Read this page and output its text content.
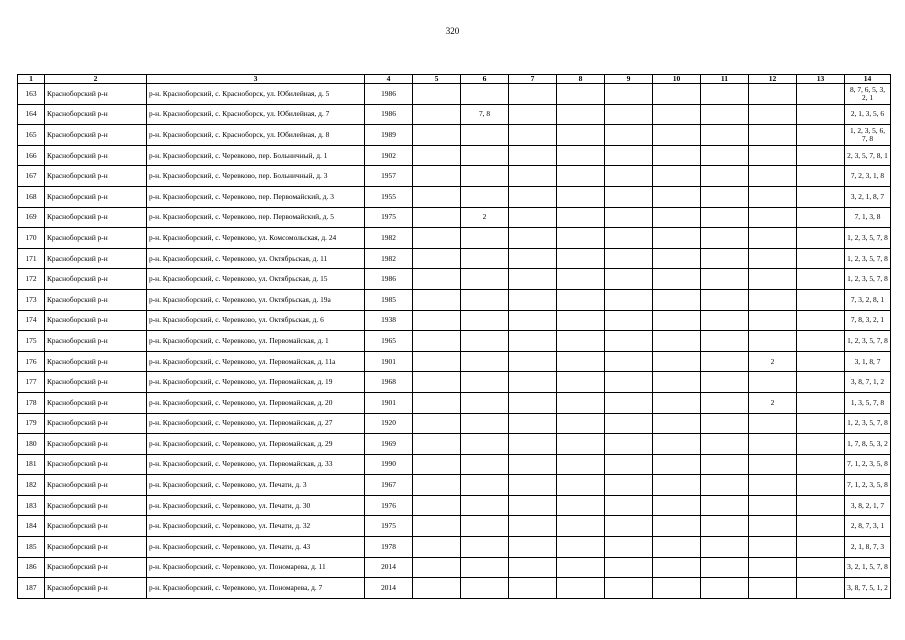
320
1	2	3	4	5	6	7	8	9	10	11	12	13	14
163	Красноборский р-н	р-н. Красноборский, с. Красноборск, ул. Юбилейная, д. 5	1986										8, 7, 6, 5, 3, 2, 1
164	Красноборский р-н	р-н. Красноборский, с. Красноборск, ул. Юбилейная, д. 7	1986		7, 8								2, 1, 3, 5, 6
165	Красноборский р-н	р-н. Красноборский, с. Красноборск, ул. Юбилейная, д. 8	1989										1, 2, 3, 5, 6, 7, 8
166	Красноборский р-н	р-н. Красноборский, с. Черевково, пер. Больничный, д. 1	1902										2, 3, 5, 7, 8, 1
167	Красноборский р-н	р-н. Красноборский, с. Черевково, пер. Больничный, д. 3	1957										7, 2, 3, 1, 8
168	Красноборский р-н	р-н. Красноборский, с. Черевково, пер. Первомайский, д. 3	1955										3, 2, 1, 8, 7
169	Красноборский р-н	р-н. Красноборский, с. Черевково, пер. Первомайский, д. 5	1975		2								7, 1, 3, 8
170	Красноборский р-н	р-н. Красноборский, с. Черевково, ул. Комсомольская, д. 24	1982										1, 2, 3, 5, 7, 8
171	Красноборский р-н	р-н. Красноборский, с. Черевково, ул. Октябрьская, д. 11	1982										1, 2, 3, 5, 7, 8
172	Красноборский р-н	р-н. Красноборский, с. Черевково, ул. Октябрьская, д. 15	1986										1, 2, 3, 5, 7, 8
173	Красноборский р-н	р-н. Красноборский, с. Черевково, ул. Октябрьская, д. 19а	1985										7, 3, 2, 8, 1
174	Красноборский р-н	р-н. Красноборский, с. Черевково, ул. Октябрьская, д. 6	1938										7, 8, 3, 2, 1
175	Красноборский р-н	р-н. Красноборский, с. Черевково, ул. Первомайская, д. 1	1965										1, 2, 3, 5, 7, 8
176	Красноборский р-н	р-н. Красноборский, с. Черевково, ул. Первомайская, д. 11а	1901								2		3, 1, 8, 7
177	Красноборский р-н	р-н. Красноборский, с. Черевково, ул. Первомайская, д. 19	1968										3, 8, 7, 1, 2
178	Красноборский р-н	р-н. Красноборский, с. Черевково, ул. Первомайская, д. 20	1901								2		1, 3, 5, 7, 8
179	Красноборский р-н	р-н. Красноборский, с. Черевково, ул. Первомайская, д. 27	1920										1, 2, 3, 5, 7, 8
180	Красноборский р-н	р-н. Красноборский, с. Черевково, ул. Первомайская, д. 29	1969										1, 7, 8, 5, 3, 2
181	Красноборский р-н	р-н. Красноборский, с. Черевково, ул. Первомайская, д. 33	1990										7, 1, 2, 3, 5, 8
182	Красноборский р-н	р-н. Красноборский, с. Черевково, ул. Печати, д. 3	1967										7, 1, 2, 3, 5, 8
183	Красноборский р-н	р-н. Красноборский, с. Черевково, ул. Печати, д. 30	1976										3, 8, 2, 1, 7
184	Красноборский р-н	р-н. Красноборский, с. Черевково, ул. Печати, д. 32	1975										2, 8, 7, 3, 1
185	Красноборский р-н	р-н. Красноборский, с. Черевково, ул. Печати, д. 43	1978										2, 1, 8, 7, 3
186	Красноборский р-н	р-н. Красноборский, с. Черевково, ул. Пономарева, д. 11	2014										3, 2, 1, 5, 7, 8
187	Красноборский р-н	р-н. Красноборский, с. Черевково, ул. Пономарева, д. 7	2014										3, 8, 7, 5, 1, 2
